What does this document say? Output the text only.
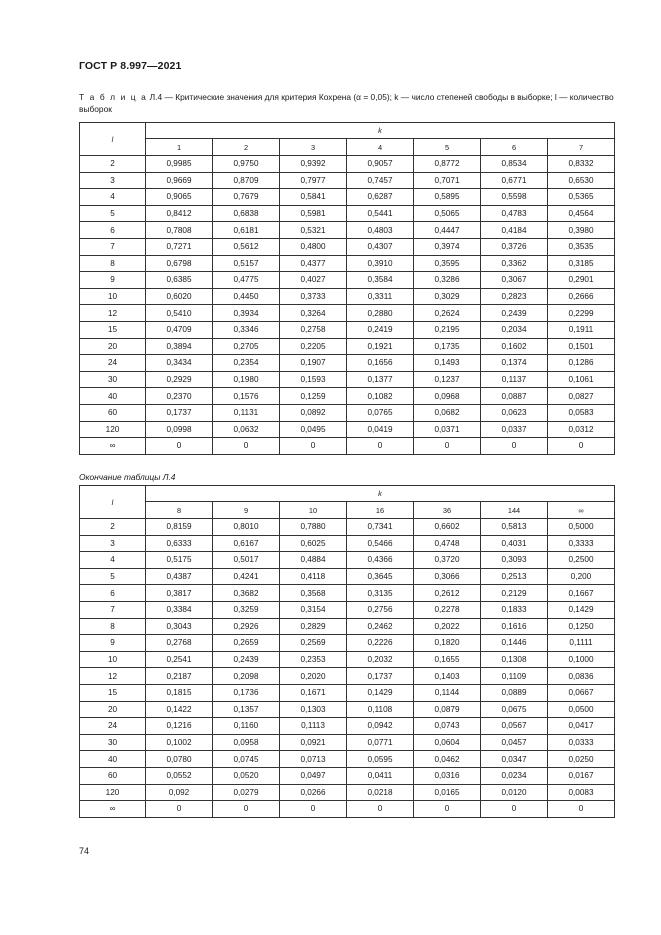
ГОСТ Р 8.997—2021
Т а б л и ц а Л.4 — Критические значения для критерия Кохрена (α = 0,05); k — число степеней свободы в выборке; l — количество выборок
l	k						
	1	2	3	4	5	6	7
2	0,9985	0,9750	0,9392	0,9057	0,8772	0,8534	0,8332
3	0,9669	0,8709	0,7977	0,7457	0,7071	0,6771	0,6530
4	0,9065	0,7679	0,5841	0,6287	0,5895	0,5598	0,5365
5	0,8412	0,6838	0,5981	0,5441	0,5065	0,4783	0,4564
6	0,7808	0,6181	0,5321	0,4803	0,4447	0,4184	0,3980
7	0,7271	0,5612	0,4800	0,4307	0,3974	0,3726	0,3535
8	0,6798	0,5157	0,4377	0,3910	0,3595	0,3362	0,3185
9	0,6385	0,4775	0,4027	0,3584	0,3286	0,3067	0,2901
10	0,6020	0,4450	0,3733	0,3311	0,3029	0,2823	0,2666
12	0,5410	0,3934	0,3264	0,2880	0,2624	0,2439	0,2299
15	0,4709	0,3346	0,2758	0,2419	0,2195	0,2034	0,1911
20	0,3894	0,2705	0,2205	0,1921	0,1735	0,1602	0,1501
24	0,3434	0,2354	0,1907	0,1656	0,1493	0,1374	0,1286
30	0,2929	0,1980	0,1593	0,1377	0,1237	0,1137	0,1061
40	0,2370	0,1576	0,1259	0,1082	0,0968	0,0887	0,0827
60	0,1737	0,1131	0,0892	0,0765	0,0682	0,0623	0,0583
120	0,0998	0,0632	0,0495	0,0419	0,0371	0,0337	0,0312
∞	0	0	0	0	0	0	0
Окончание таблицы Л.4
l	k						
	8	9	10	16	36	144	∞
2	0,8159	0,8010	0,7880	0,7341	0,6602	0,5813	0,5000
3	0,6333	0,6167	0,6025	0,5466	0,4748	0,4031	0,3333
4	0,5175	0,5017	0,4884	0,4366	0,3720	0,3093	0,2500
5	0,4387	0,4241	0,4118	0,3645	0,3066	0,2513	0,200
6	0,3817	0,3682	0,3568	0,3135	0,2612	0,2129	0,1667
7	0,3384	0,3259	0,3154	0,2756	0,2278	0,1833	0,1429
8	0,3043	0,2926	0,2829	0,2462	0,2022	0,1616	0,1250
9	0,2768	0,2659	0,2569	0,2226	0,1820	0,1446	0,1111
10	0,2541	0,2439	0,2353	0,2032	0,1655	0,1308	0,1000
12	0,2187	0,2098	0,2020	0,1737	0,1403	0,1109	0,0836
15	0,1815	0,1736	0,1671	0,1429	0,1144	0,0889	0,0667
20	0,1422	0,1357	0,1303	0,1108	0,0879	0,0675	0,0500
24	0,1216	0,1160	0,1113	0,0942	0,0743	0,0567	0,0417
30	0,1002	0,0958	0,0921	0,0771	0,0604	0,0457	0,0333
40	0,0780	0,0745	0,0713	0,0595	0,0462	0,0347	0,0250
60	0,0552	0,0520	0,0497	0,0411	0,0316	0,0234	0,0167
120	0,092	0,0279	0,0266	0,0218	0,0165	0,0120	0,0083
∞	0	0	0	0	0	0	0
74
